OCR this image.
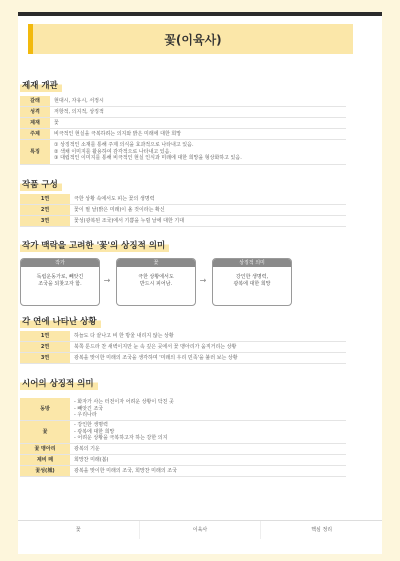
꽃(이육사)
제재 개관
갈래	현대시, 자유시, 서정시
성격	저항적, 의지적, 상징적
제재	꽃
주제	비극적인 현실을 극복하려는 의지와 밝은 미래에 대한 희망
특징	① 상징적인 소재를 통해 주제 의식을 효과적으로 나타내고 있음.
② 색채 이미지를 활용하여 감각적으로 나타내고 있음.
③ 대립적인 이미지를 통해 비극적인 현실 인식과 미래에 대한 희망을 형상화하고 있음.
작품 구성
1연	극한 상황 속에서도 피는 꽃의 생명력
2연	꽃이 필 날(밝은 미래)이 올 것이라는 확신
3연	꽃성(광복된 조국)에서 기쁨을 누릴 날에 대한 기대
작가 맥락을 고려한 '꽃'의 상징적 의미
작가
독립운동가로, 빼앗긴
조국을 되찾고자 함.	→
꽃
극한 상황에서도
반드시 피어남.	→
상징적 의미
강인한 생명력,
광복에 대한 희망
각 연에 나타난 상황
1연	하늘도 다 끝나고 비 한 방울 내리지 않는 상황
2연	북쪽 툰드라 찬 새벽이지만 눈 속 깊은 곳에서 꽃 맹아리가 움직거리는 상황
3연	광복을 맞이한 미래의 조국을 생각하며 '미래의 우리 민족'을 불러 보는 상황
시어의 상징적 의미
동방	- 화자가 사는 터전이자 어려운 상황이 닥친 곳
- 빼앗긴 조국
- 우리나라

꽃	- 강인한 생명력
- 광복에 대한 희망
- 어려운 상황을 극복하고자 하는 강한 의지

꽃 맹아리	광복의 기운
제비 떼	희망찬 미래(봄)
꽃성(城)	광복을 맞이한 미래의 조국, 희망찬 미래의 조국
꽃	이육사	핵심 정리
